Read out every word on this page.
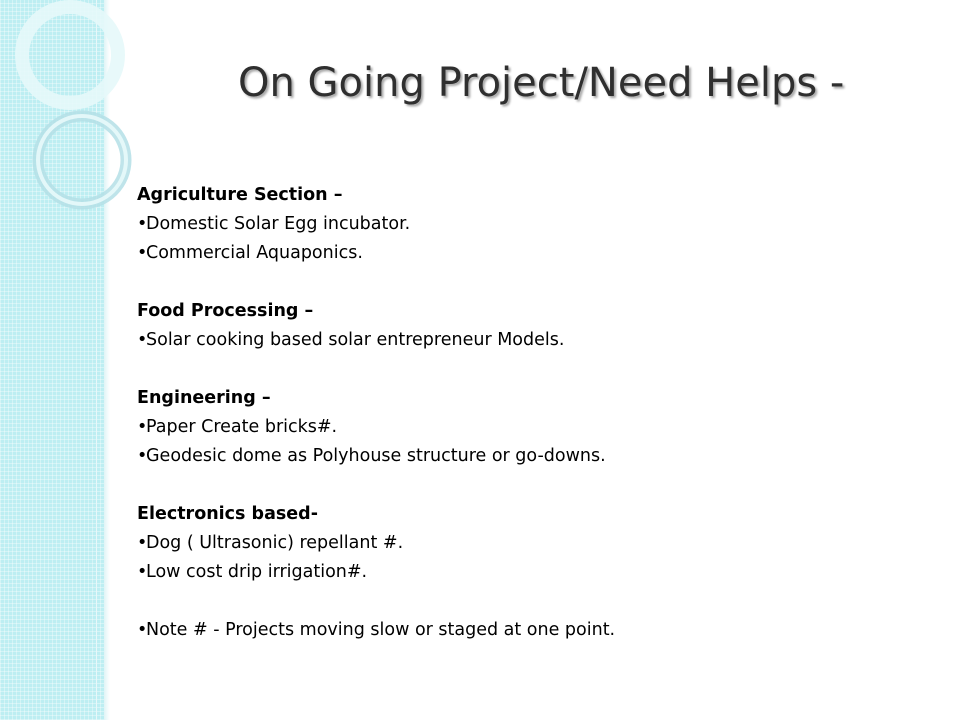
On Going Project/Need Helps -
Agriculture Section –
•Domestic Solar Egg incubator.
•Commercial Aquaponics.
Food Processing –
•Solar cooking based solar entrepreneur Models.
Engineering –
•Paper Create bricks#.
•Geodesic dome as Polyhouse structure or go-downs.
Electronics based-
•Dog ( Ultrasonic) repellant #.
•Low cost drip irrigation#.
•Note # - Projects moving slow or staged at one point.
